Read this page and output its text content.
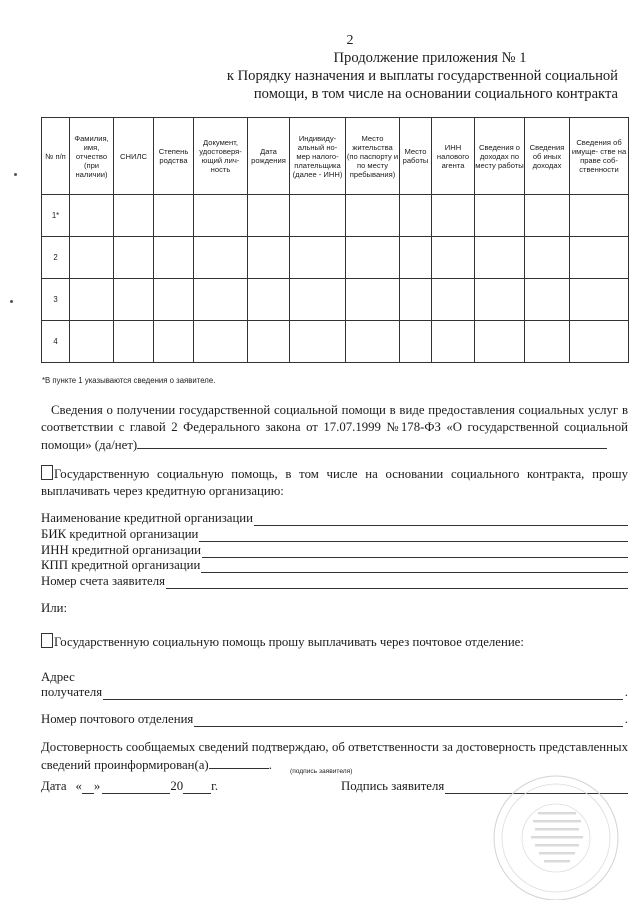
2
Продолжение приложения № 1
к Порядку назначения и выплаты государственной социальной
помощи, в том числе на основании социального контракта
№ п/п	Фамилия, имя, отчество (при наличии)	СНИЛС	Степень родства	Документ, удостоверя- ющий лич- ность	Дата рождения	Индивиду- альный но- мер налого- плательщика (далее - ИНН)	Место жительства (по паспорту и по месту пребывания)	Место работы	ИНН налового агента	Сведения о доходах по месту работы	Сведения об иных доходах	Сведения об имуще- стве на праве соб- ственности
1*												
2												
3												
4												
*В пункте 1 указываются сведения о заявителе.
Сведения о получении государственной социальной помощи в виде предоставления социальных услуг в соответствии с главой 2 Федерального закона от 17.07.1999 №178-ФЗ «О государственной социальной помощи» (да/нет)
Государственную социальную помощь, в том числе на основании социального контракта, прошу выплачивать через кредитную организацию:
Наименование кредитной организации
БИК кредитной организации
ИНН кредитной организации
КПП кредитной организации
Номер счета заявителя
Или:
Государственную социальную помощь прошу выплачивать через почтовое отделение:
Адрес
получателя	.
Номер почтового отделения	.
Достоверность сообщаемых сведений подтверждаю, об ответственности за достоверность представленных сведений проинформирован(а)	.	(подпись заявителя)
Дата « »	20 г.	Подпись заявителя
